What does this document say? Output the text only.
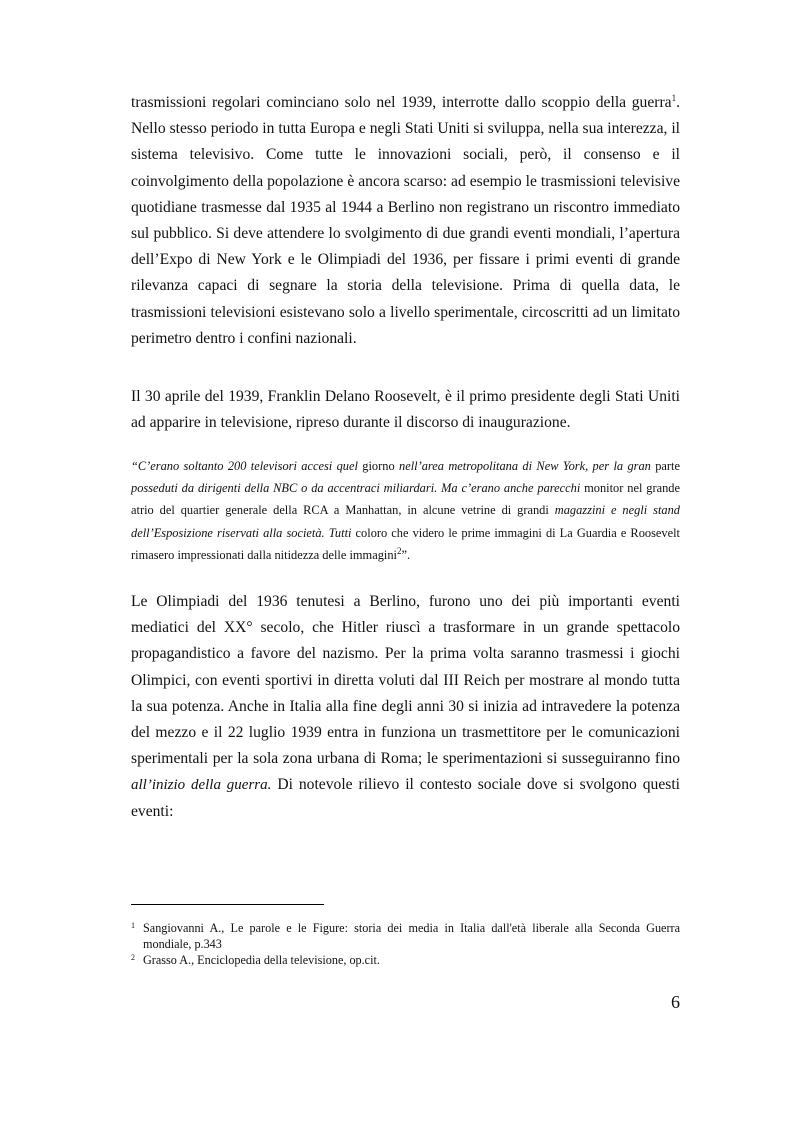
trasmissioni regolari cominciano solo nel 1939, interrotte dallo scoppio della guerra$^1$. Nello stesso periodo in tutta Europa e negli Stati Uniti si sviluppa, nella sua interezza, il sistema televisivo. Come tutte le innovazioni sociali, però, il consenso e il coinvolgimento della popolazione è ancora scarso: ad esempio le trasmissioni televisive quotidiane trasmesse dal 1935 al 1944 a Berlino non registrano un riscontro immediato sul pubblico. Si deve attendere lo svolgimento di due grandi eventi mondiali, l’apertura dell’Expo di New York e le Olimpiadi del 1936, per fissare i primi eventi di grande rilevanza capaci di segnare la storia della televisione. Prima di quella data, le trasmissioni televisioni esistevano solo a livello sperimentale, circoscritti ad un limitato perimetro dentro i confini nazionali.
Il 30 aprile del 1939, Franklin Delano Roosevelt, è il primo presidente degli Stati Uniti ad apparire in televisione, ripreso durante il discorso di inaugurazione.
“C’erano soltanto 200 televisori accesi quel giorno nell’area metropolitana di New York, per la gran parte posseduti da dirigenti della NBC o da accentraci miliardari. Ma c’erano anche parecchi monitor nel grande atrio del quartier generale della RCA a Manhattan, in alcune vetrine di grandi magazzini e negli stand dell’Esposizione riservati alla società. Tutti coloro che videro le prime immagini di La Guardia e Roosevelt rimasero impressionati dalla nitidezza delle immagini$^2$”.
Le Olimpiadi del 1936 tenutesi a Berlino, furono uno dei più importanti eventi mediatici del XX° secolo, che Hitler riuscì a trasformare in un grande spettacolo propagandistico a favore del nazismo. Per la prima volta saranno trasmessi i giochi Olimpici, con eventi sportivi in diretta voluti dal III Reich per mostrare al mondo tutta la sua potenza. Anche in Italia alla fine degli anni 30 si inizia ad intravedere la potenza del mezzo e il 22 luglio 1939 entra in funziona un trasmettitore per le comunicazioni sperimentali per la sola zona urbana di Roma; le sperimentazioni si susseguiranno fino all’inizio della guerra. Di notevole rilievo il contesto sociale dove si svolgono questi eventi:
1 Sangiovanni A., Le parole e le Figure: storia dei media in Italia dall'età liberale alla Seconda Guerra mondiale, p.343
2 Grasso A., Enciclopedia della televisione, op.cit.
6
